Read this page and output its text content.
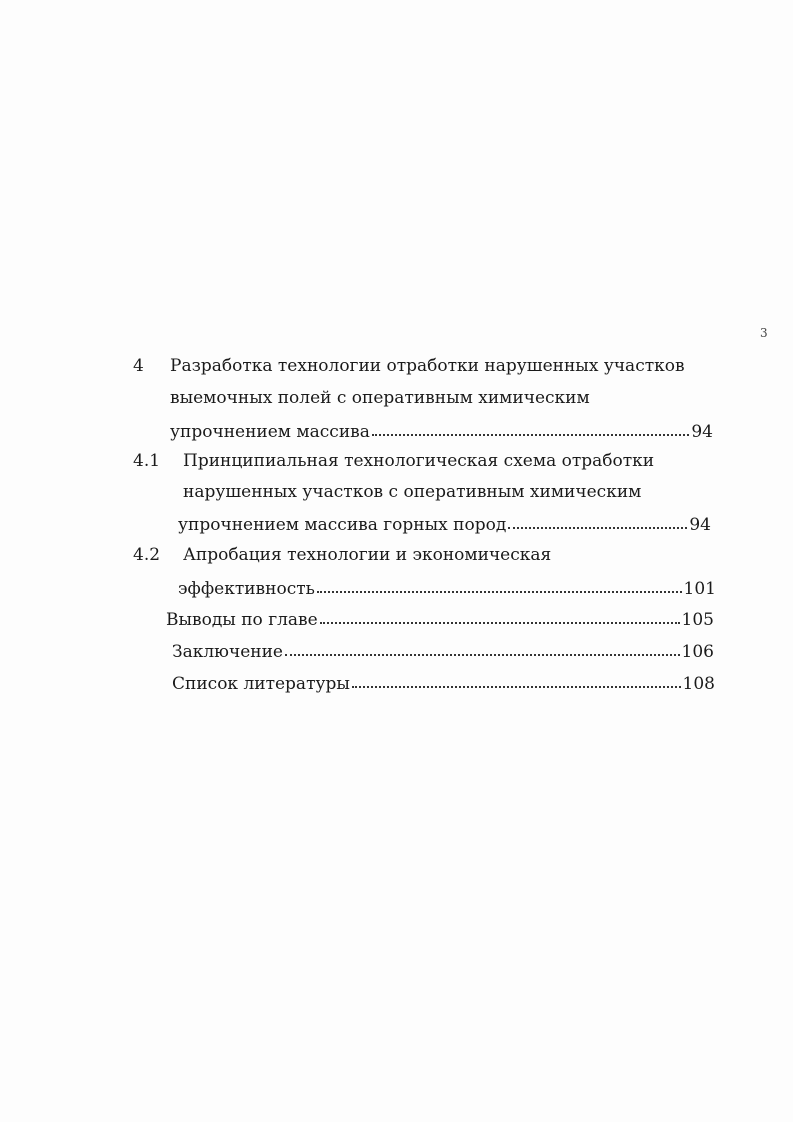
3
4 Разработка технологии отработки нарушенных участков
выемочных полей с оперативным химическим
упрочнением массива	94
4.1 Принципиальная технологическая схема отработки
нарушенных участков с оперативным химическим
упрочнением массива горных пород	94
4.2 Апробация технологии и экономическая
эффективность	101
Выводы по главе	105
Заключение	106
Список литературы	108
